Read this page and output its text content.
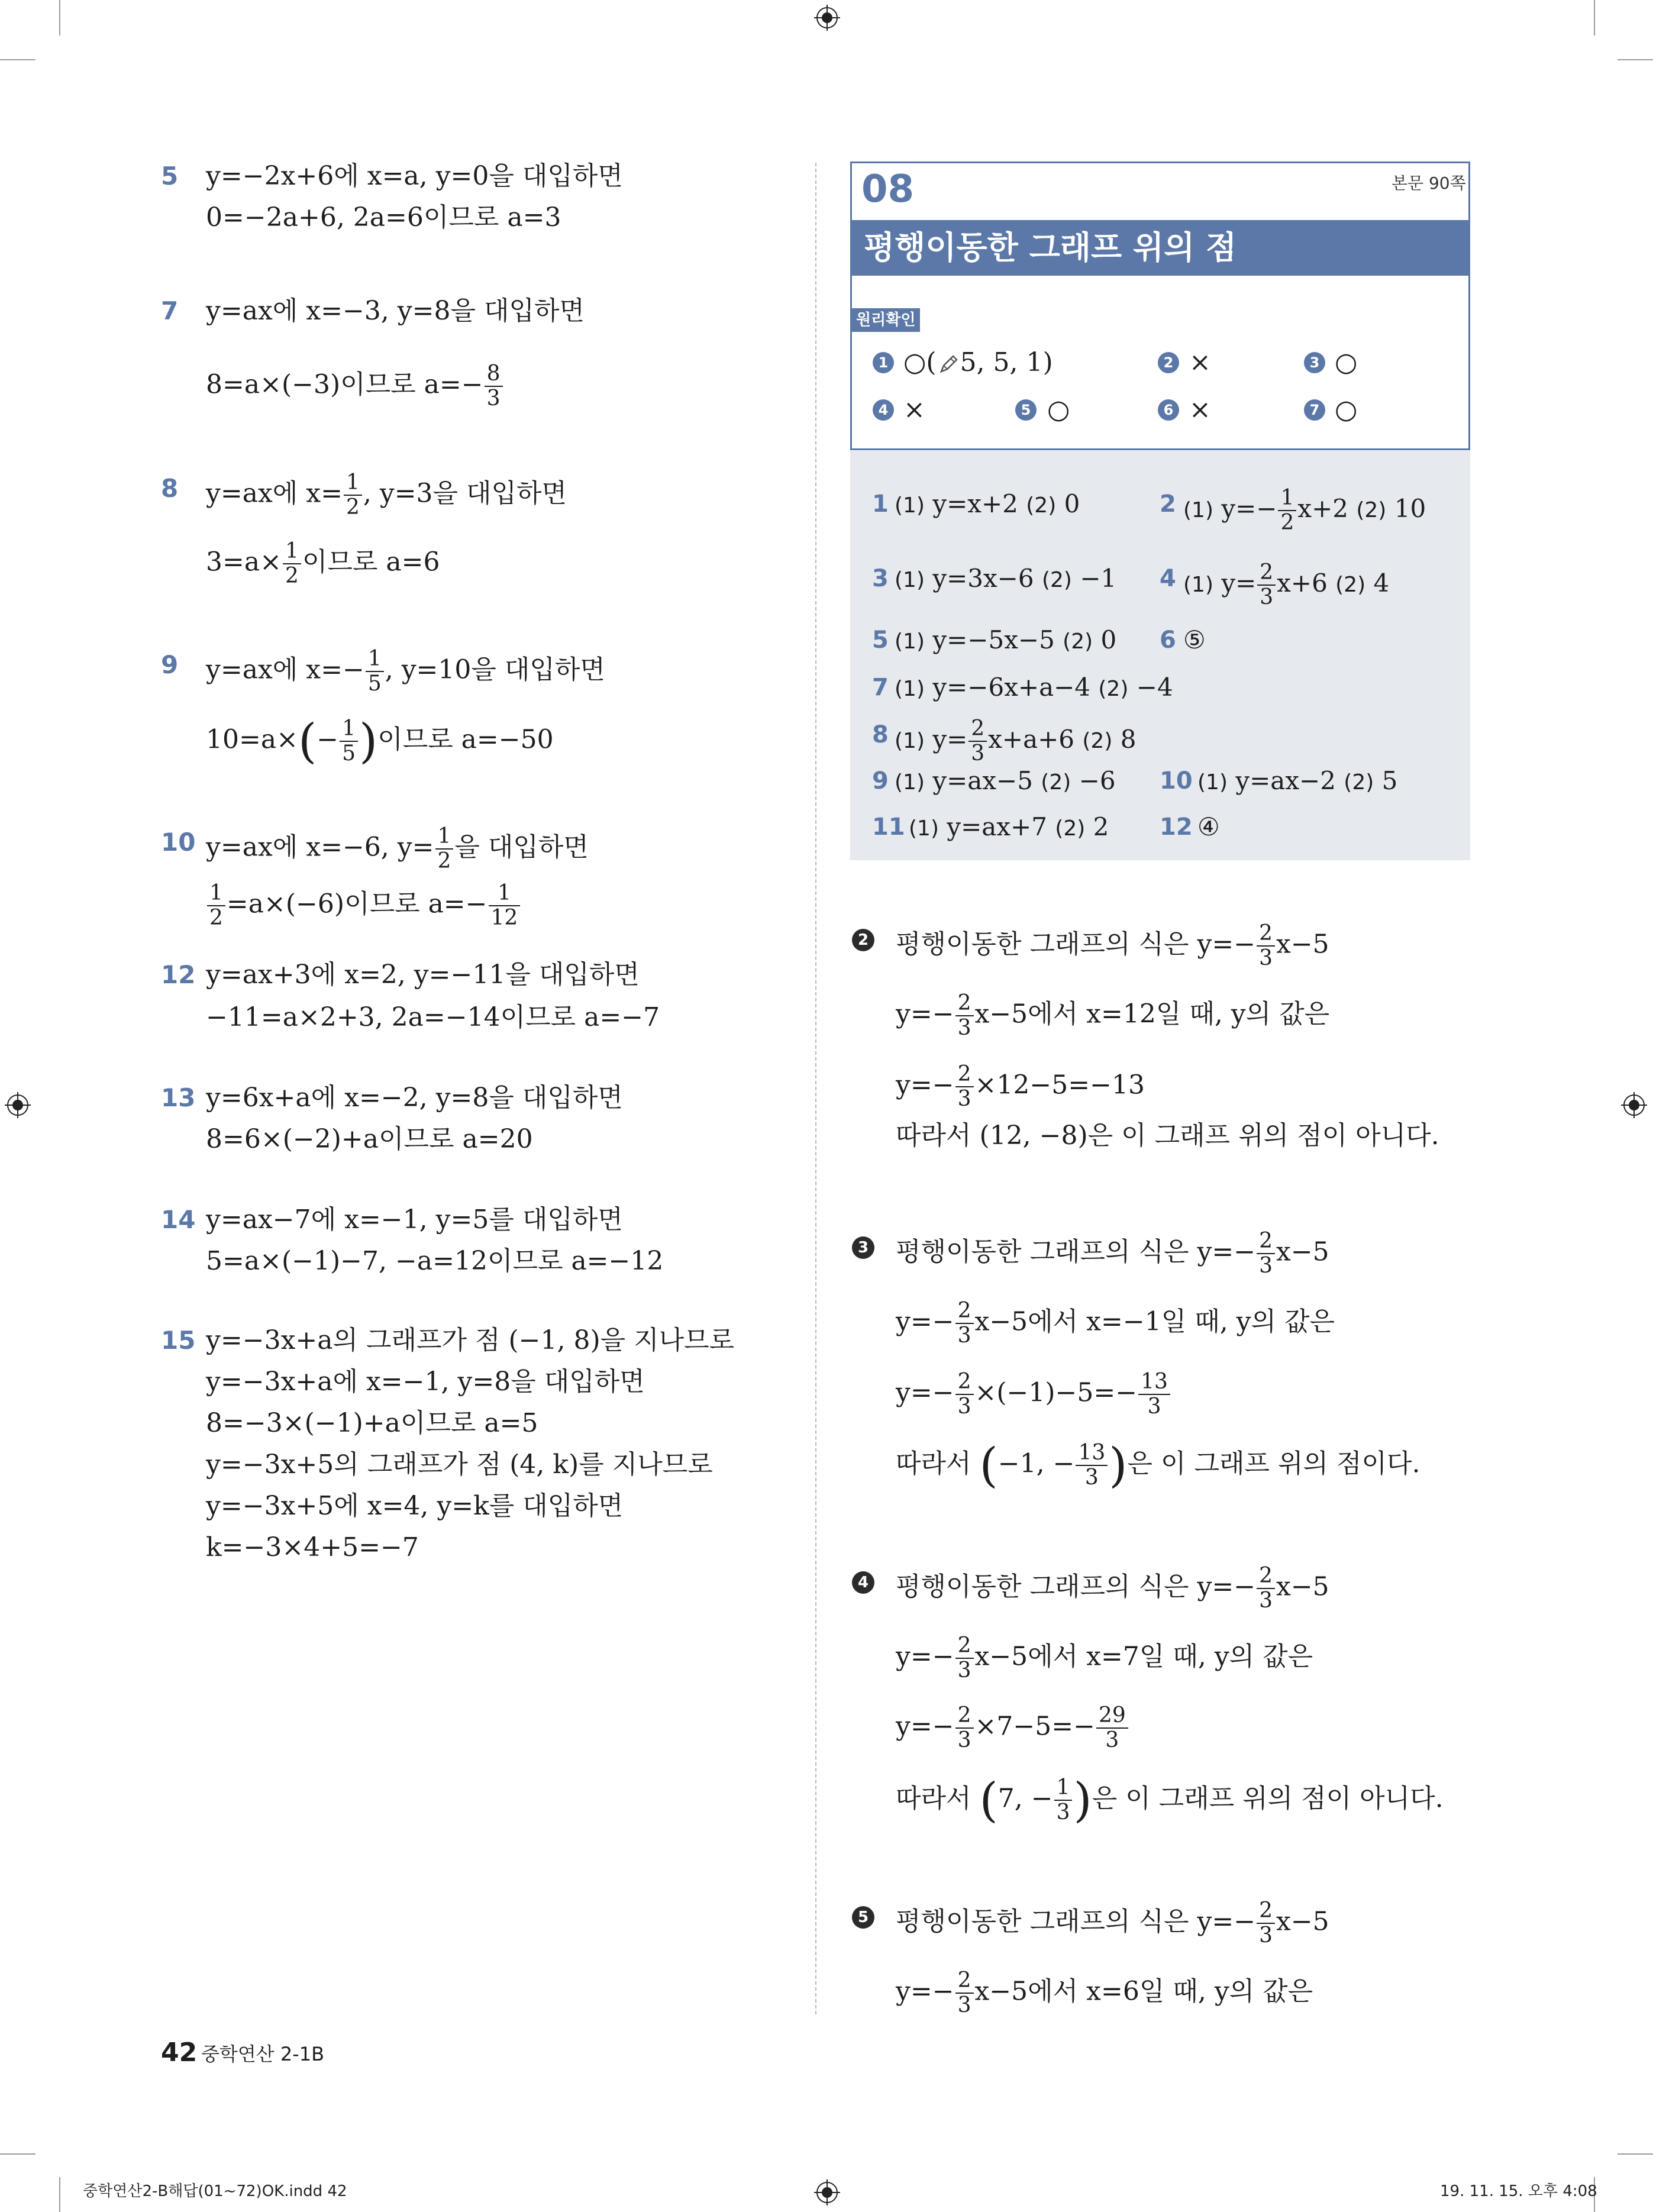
5 y=−2x+6에 x=a, y=0을 대입하면
0=−2a+6, 2a=6이므로 a=3
7 y=ax에 x=−3, y=8을 대입하면
8=a×(−3)이므로 $a=- \frac{8}{3}$
8 y=ax에 $x= \frac{1}{2}$ , y=3을 대입하면
$3=a\times \frac{1}{2}$ 이므로 a=6
9 y=ax에 $x=- \frac{1}{5}$ , y=10을 대입하면
$10=a\times(- \frac{1}{5}$ )이므로 a=−50
10 y=ax에 x=−6, $y= \frac{1}{2}$ 을 대입하면
$\frac{1}{2} =a\times(-6)$이므로 $a=- \frac{1}{12}$
12 y=ax+3에 x=2, y=−11을 대입하면
−11=a×2+3, 2a=−14이므로 a=−7
13 y=6x+a에 x=−2, y=8을 대입하면
8=6×(−2)+a이므로 a=20
14 y=ax−7에 x=−1, y=5를 대입하면
5=a×(−1)−7, −a=12이므로 a=−12
15 y=−3x+a의 그래프가 점 (−1, 8)을 지나므로
y=−3x+a에 x=−1, y=8을 대입하면
8=−3×(−1)+a이므로 a=5
y=−3x+5의 그래프가 점 (4, k)를 지나므로
y=−3x+5에 x=4, y=k를 대입하면
k=−3×4+5=−7
08	본문 90쪽
평행이동한 그래프 위의 점
원리확인
1 ○( 5, 5, 1)	2 ×	3 ○
4 ×	5 ○	6 ×	7 ○
1 (1) y=x+2 (2) 0	2 (1) $y=- \frac{1}{2} x+2$ (2) 10
3 (1) y=3x−6 (2) −1 4 (1) $y= \frac{2}{3} x+6$ (2) 4
5 (1) y=−5x−5 (2) 0 6 ⑤
7 (1) y=−6x+a−4 (2) −4
8 (1) $y= \frac{2}{3} x+a+6$ (2) 8
9 (1) y=ax−5 (2) −6 10 (1) y=ax−2 (2) 5
11 (1) y=ax+7 (2) 2 12 ④
2 평행이동한 그래프의 식은 $y=- \frac{2}{3} x-5$
$y=- \frac{2}{3} x-5$에서 x=12일 때, y의 값은
$y=- \frac{2}{3} \times 12-5=-13$
따라서 (12, −8)은 이 그래프 위의 점이 아니다.
3 평행이동한 그래프의 식은 $y=- \frac{2}{3} x-5$
$y=- \frac{2}{3} x-5$에서 x=−1일 때, y의 값은
$y=- \frac{2}{3} \times(-1)-5=- \frac{13}{3}$
따라서 (−1, − $\frac{13}{3}$ )은 이 그래프 위의 점이다.
4 평행이동한 그래프의 식은 $y=- \frac{2}{3} x-5$
$y=- \frac{2}{3} x-5$에서 x=7일 때, y의 값은
$y=- \frac{2}{3} \times 7-5=- \frac{29}{3}$
따라서 (7, − $\frac{1}{3}$ )은 이 그래프 위의 점이 아니다.
5 평행이동한 그래프의 식은 $y=- \frac{2}{3} x-5$
$y=- \frac{2}{3} x-5$에서 x=6일 때, y의 값은
42 중학연산 2-1B
중학연산2-B해답(01~72)OK.indd 42	19. 11. 15. 오후 4:08
